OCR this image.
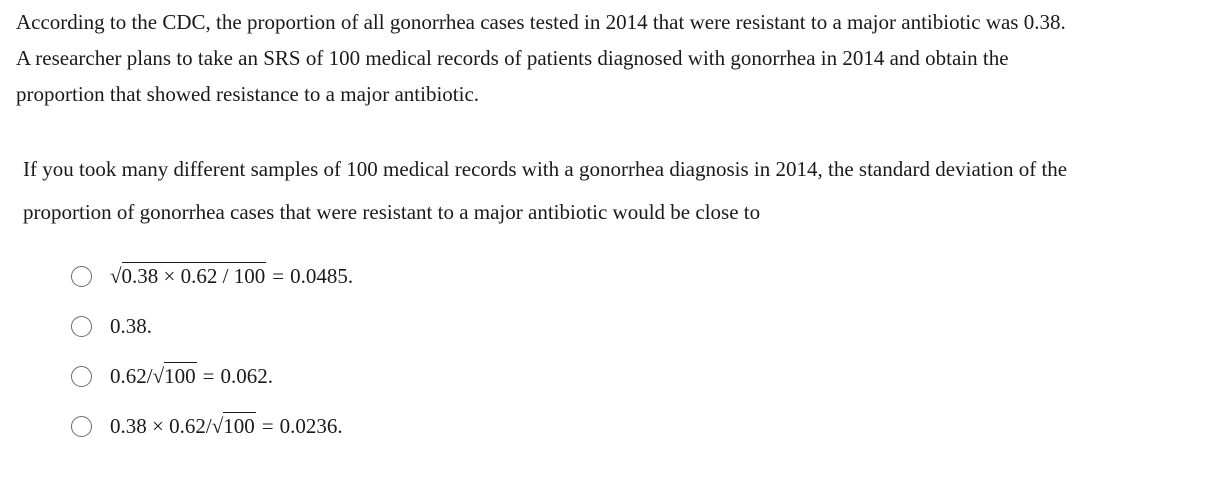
According to the CDC, the proportion of all gonorrhea cases tested in 2014 that were resistant to a major antibiotic was 0.38.
A researcher plans to take an SRS of 100 medical records of patients diagnosed with gonorrhea in 2014 and obtain the
proportion that showed resistance to a major antibiotic.
If you took many different samples of 100 medical records with a gonorrhea diagnosis in 2014, the standard deviation of the
proportion of gonorrhea cases that were resistant to a major antibiotic would be close to
√0.38 × 0.62 / 100 = 0.0485.
0.38.
0.62/√100 = 0.062.
0.38 × 0.62/√100 = 0.0236.
